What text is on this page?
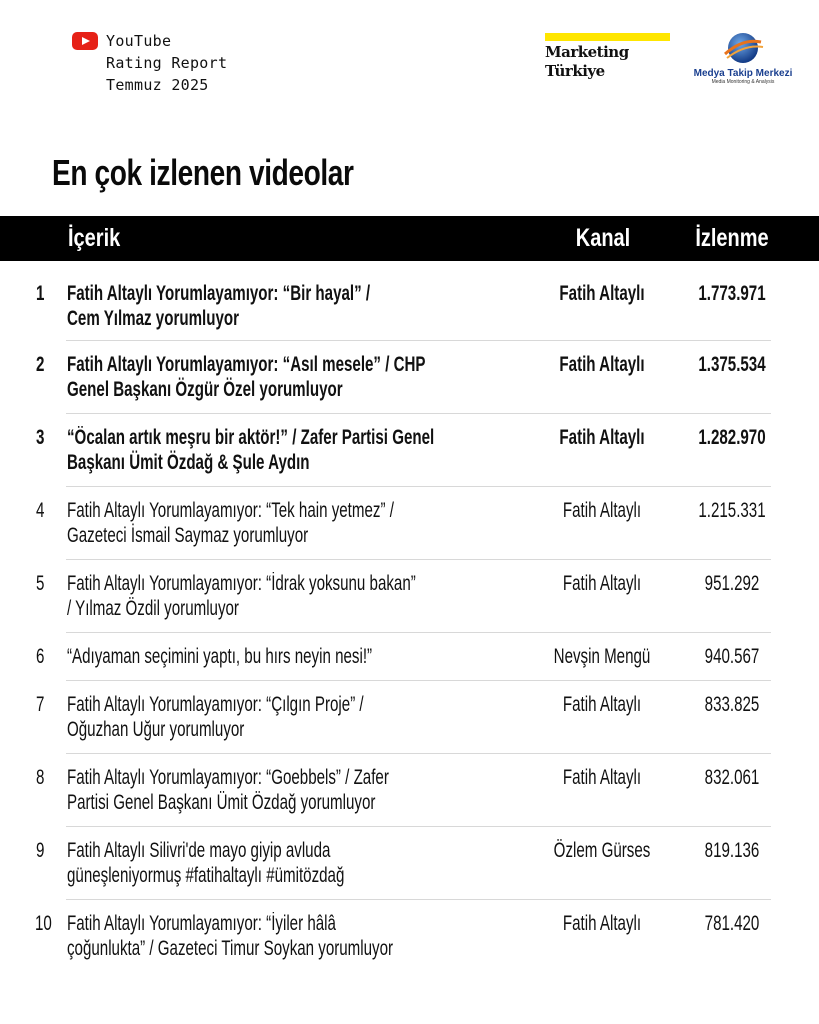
YouTube
Rating Report
Temmuz 2025
Marketing
Türkiye	Medya Takip Merkezi
Media Monitoring & Analysis
En çok izlenen videolar
İçerik	Kanal	İzlenme
1 Fatih Altaylı Yorumlayamıyor: “Bir hayal” /
Cem Yılmaz yorumluyor
Fatih Altaylı	1.773.971
2 Fatih Altaylı Yorumlayamıyor: “Asıl mesele” / CHP
Genel Başkanı Özgür Özel yorumluyor
Fatih Altaylı	1.375.534
3 “Öcalan artık meşru bir aktör!” / Zafer Partisi Genel
Başkanı Ümit Özdağ & Şule Aydın
Fatih Altaylı	1.282.970
4 Fatih Altaylı Yorumlayamıyor: “Tek hain yetmez” /
Gazeteci İsmail Saymaz yorumluyor
Fatih Altaylı	1.215.331
5 Fatih Altaylı Yorumlayamıyor: “İdrak yoksunu bakan”
/ Yılmaz Özdil yorumluyor
Fatih Altaylı	951.292
6 “Adıyaman seçimini yaptı, bu hırs neyin nesi!”	Nevşin Mengü	940.567
7 Fatih Altaylı Yorumlayamıyor: “Çılgın Proje” /
Oğuzhan Uğur yorumluyor
Fatih Altaylı	833.825
8 Fatih Altaylı Yorumlayamıyor: “Goebbels” / Zafer
Partisi Genel Başkanı Ümit Özdağ yorumluyor
Fatih Altaylı	832.061
9 Fatih Altaylı Silivri'de mayo giyip avluda
güneşleniyormuş #fatihaltaylı #ümitözdağ
Özlem Gürses	819.136
10 Fatih Altaylı Yorumlayamıyor: “İyiler hâlâ
çoğunlukta” / Gazeteci Timur Soykan yorumluyor
Fatih Altaylı	781.420
